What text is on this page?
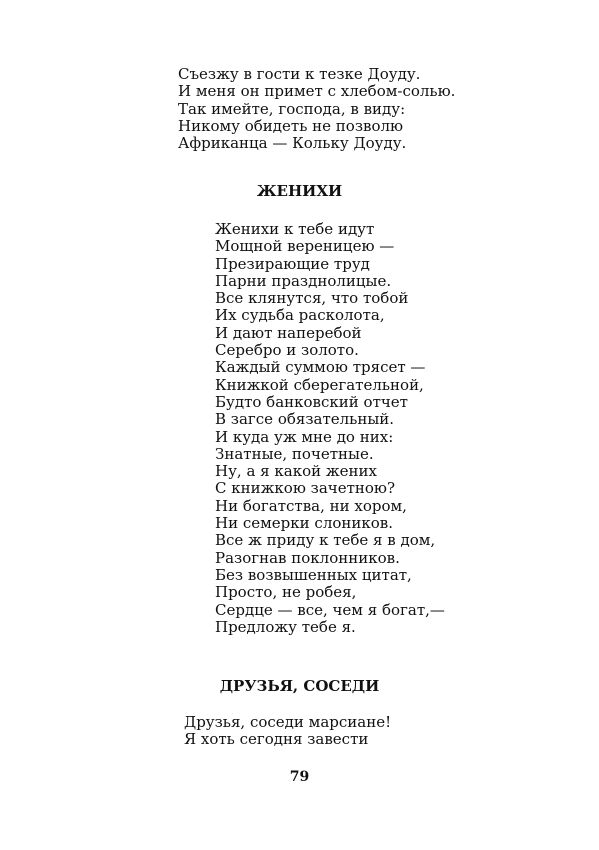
Съезжу в гости к тезке Доуду.
И меня он примет с хлебом-солью.
Так имейте, господа, в виду:
Никому обидеть не позволю
Африканца — Кольку Доуду.
ЖЕНИХИ
Женихи к тебе идут
Мощной вереницею —
Презирающие труд
Парни празднолицые.
Все клянутся, что тобой
Их судьба расколота,
И дают наперебой
Серебро и золото.
Каждый суммою трясет —
Книжкой сберегательной,
Будто банковский отчет
В загсе обязательный.
И куда уж мне до них:
Знатные, почетные.
Ну, а я какой жених
С книжкою зачетною?
Ни богатства, ни хором,
Ни семерки слоников.
Все ж приду к тебе я в дом,
Разогнав поклонников.
Без возвышенных цитат,
Просто, не робея,
Сердце — все, чем я богат,—
Предложу тебе я.
ДРУЗЬЯ, СОСЕДИ
Друзья, соседи марсиане!
Я хоть сегодня завести
79
